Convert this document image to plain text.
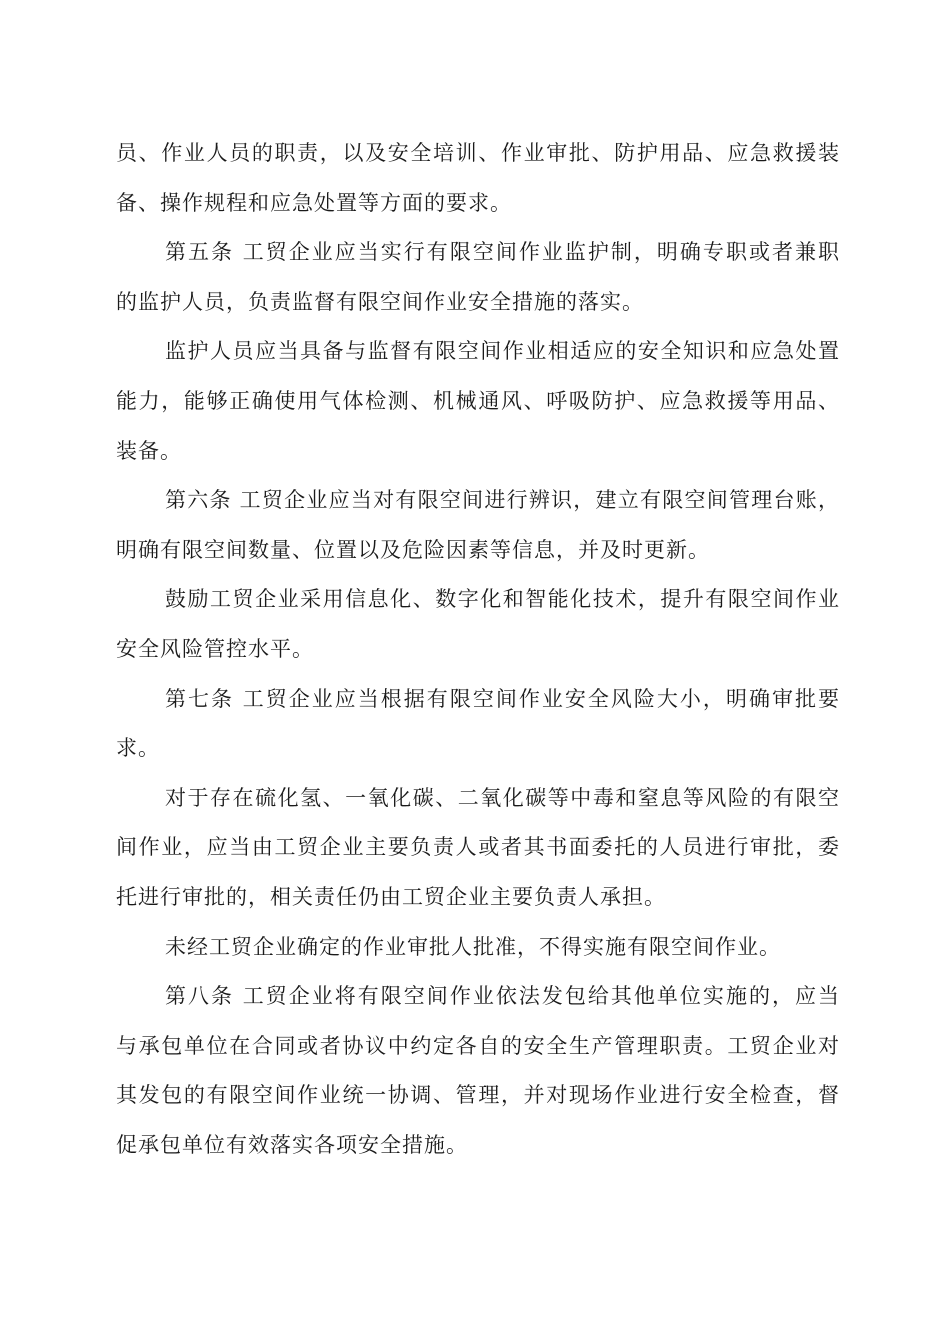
员、作业人员的职责，以及安全培训、作业审批、防护用品、应急救援装
备、操作规程和应急处置等方面的要求。
第五条 工贸企业应当实行有限空间作业监护制，明确专职或者兼职
的监护人员，负责监督有限空间作业安全措施的落实。
监护人员应当具备与监督有限空间作业相适应的安全知识和应急处置
能力，能够正确使用气体检测、机械通风、呼吸防护、应急救援等用品、
装备。
第六条 工贸企业应当对有限空间进行辨识，建立有限空间管理台账，
明确有限空间数量、位置以及危险因素等信息，并及时更新。
鼓励工贸企业采用信息化、数字化和智能化技术，提升有限空间作业
安全风险管控水平。
第七条 工贸企业应当根据有限空间作业安全风险大小，明确审批要
求。
对于存在硫化氢、一氧化碳、二氧化碳等中毒和窒息等风险的有限空
间作业，应当由工贸企业主要负责人或者其书面委托的人员进行审批，委
托进行审批的，相关责任仍由工贸企业主要负责人承担。
未经工贸企业确定的作业审批人批准，不得实施有限空间作业。
第八条 工贸企业将有限空间作业依法发包给其他单位实施的，应当
与承包单位在合同或者协议中约定各自的安全生产管理职责。工贸企业对
其发包的有限空间作业统一协调、管理，并对现场作业进行安全检查，督
促承包单位有效落实各项安全措施。
